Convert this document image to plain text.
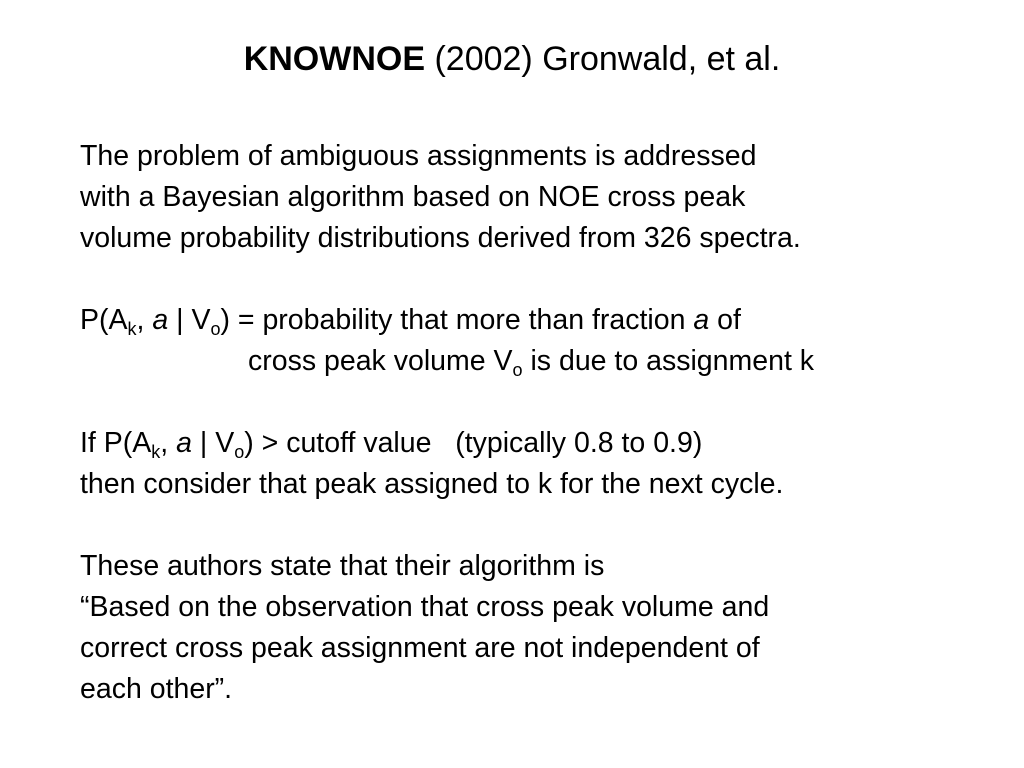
KNOWNOE (2002) Gronwald, et al.
The problem of ambiguous assignments is addressed
with a Bayesian algorithm based on NOE cross peak
volume probability distributions derived from 326 spectra.
$P(A_k$, a | $V_o$) = probability that more than fraction a of
cross peak volume $V_o$ is due to assignment k
If $P(A_k$, a | $V_o$) > cutoff value   (typically 0.8 to 0.9)
then consider that peak assigned to k for the next cycle.
These authors state that their algorithm is
“Based on the observation that cross peak volume and
correct cross peak assignment are not independent of
each other”.
